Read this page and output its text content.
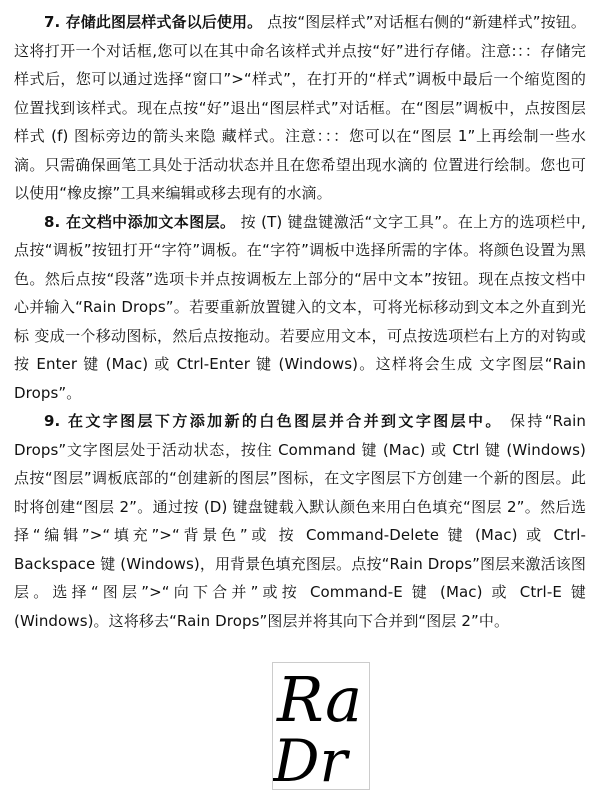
7. 存储此图层样式备以后使用。 点按“图层样式”对话框右侧的“新建样式”按钮。这将打开一个对话框,您可以在其中命名该样式并点按“好”进行存储。注意:：：存储完样式后，您可以通过选择“窗口”>“样式”，在打开的“样式”调板中最后一个缩览图的位置找到该样式。现在点按“好”退出“图层样式”对话框。在“图层”调板中，点按图层样式 (f) 图标旁边的箭头来隐 藏样式。注意：：：您可以在“图层 1”上再绘制一些水滴。只需确保画笔工具处于活动状态并且在您希望出现水滴的 位置进行绘制。您也可以使用“橡皮擦”工具来编辑或移去现有的水滴。

8. 在文档中添加文本图层。 按 (T) 键盘键激活“文字工具”。在上方的选项栏中,点按“调板”按钮打开“字符”调板。在“字符”调板中选择所需的字体。将颜色设置为黑色。然后点按“段落”选项卡并点按调板左上部分的“居中文本”按钮。现在点按文档中心并输入“Rain Drops”。若要重新放置键入的文本，可将光标移动到文本之外直到光标 变成一个移动图标，然后点按拖动。若要应用文本，可点按选项栏右上方的对钩或按 Enter 键 (Mac) 或 Ctrl-Enter 键 (Windows)。这样将会生成 文字图层“Rain Drops”。

9. 在文字图层下方添加新的白色图层并合并到文字图层中。 保持“Rain Drops”文字图层处于活动状态，按住 Command 键 (Mac) 或 Ctrl 键 (Windows) 点按“图层”调板底部的“创建新的图层”图标，在文字图层下方创建一个新的图层。此时将创建“图层 2”。通过按 (D) 键盘键载入默认颜色来用白色填充“图层 2”。然后选择“编辑”>“填充”>“背景色”或 按 Command-Delete 键 (Mac) 或 Ctrl-Backspace 键 (Windows)，用背景色填充图层。点按“Rain Drops”图层来激活该图层。选择“图层”>“向下合并”或按 Command-E 键 (Mac) 或 Ctrl-E 键 (Windows)。这将移去“Rain Drops”图层并将其向下合并到“图层 2”中。

Ra
Dr
